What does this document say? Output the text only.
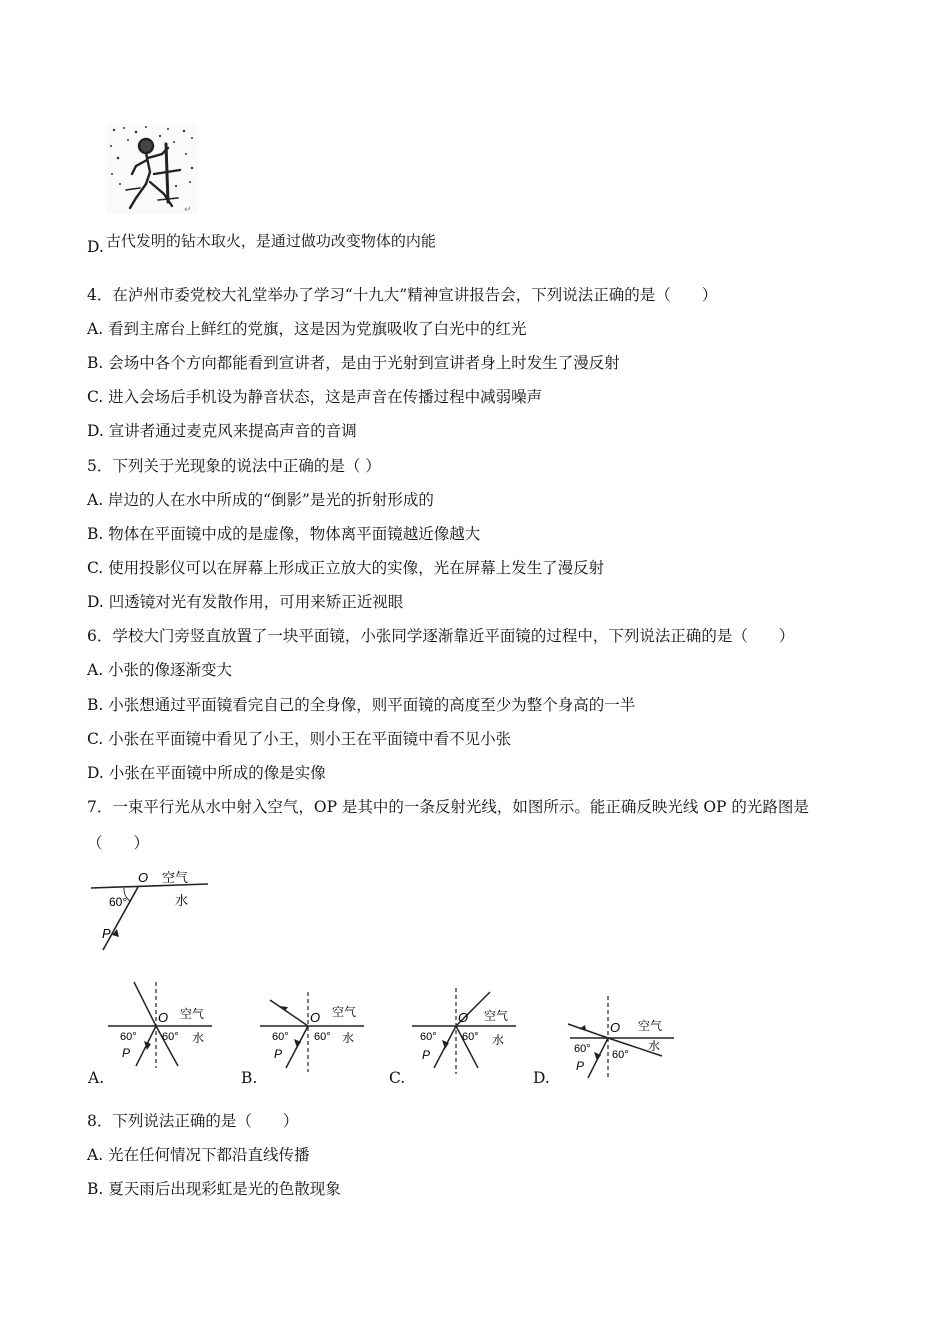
↵
D. 古代发明的钻木取火，是通过做功改变物体的内能
4．在泸州市委党校大礼堂举办了学习“十九大”精神宣讲报告会，下列说法正确的是（　　）
A. 看到主席台上鲜红的党旗，这是因为党旗吸收了白光中的红光
B. 会场中各个方向都能看到宣讲者，是由于光射到宣讲者身上时发生了漫反射
C. 进入会场后手机设为静音状态，这是声音在传播过程中减弱噪声
D. 宣讲者通过麦克风来提高声音的音调
5．下列关于光现象的说法中正确的是（ ）
A. 岸边的人在水中所成的“倒影”是光的折射形成的
B. 物体在平面镜中成的是虚像，物体离平面镜越近像越大
C. 使用投影仪可以在屏幕上形成正立放大的实像，光在屏幕上发生了漫反射
D. 凹透镜对光有发散作用，可用来矫正近视眼
6．学校大门旁竖直放置了一块平面镜，小张同学逐渐靠近平面镜的过程中，下列说法正确的是（　　）
A. 小张的像逐渐变大
B. 小张想通过平面镜看完自己的全身像，则平面镜的高度至少为整个身高的一半
C. 小张在平面镜中看见了小王，则小王在平面镜中看不见小张
D. 小张在平面镜中所成的像是实像
7．一束平行光从水中射入空气，OP 是其中的一条反射光线，如图所示。能正确反映光线 OP 的光路图是
（　　）
O 空气
水
60°
P
O 空气
水
60° 60°
P
A.
O 空气
水
60° 60°
P
B.
O 空气
水
60° 60°
P
C.
O 空气
水
60° 60°
P
D.
8．下列说法正确的是（　　）
A. 光在任何情况下都沿直线传播
B. 夏天雨后出现彩虹是光的色散现象
